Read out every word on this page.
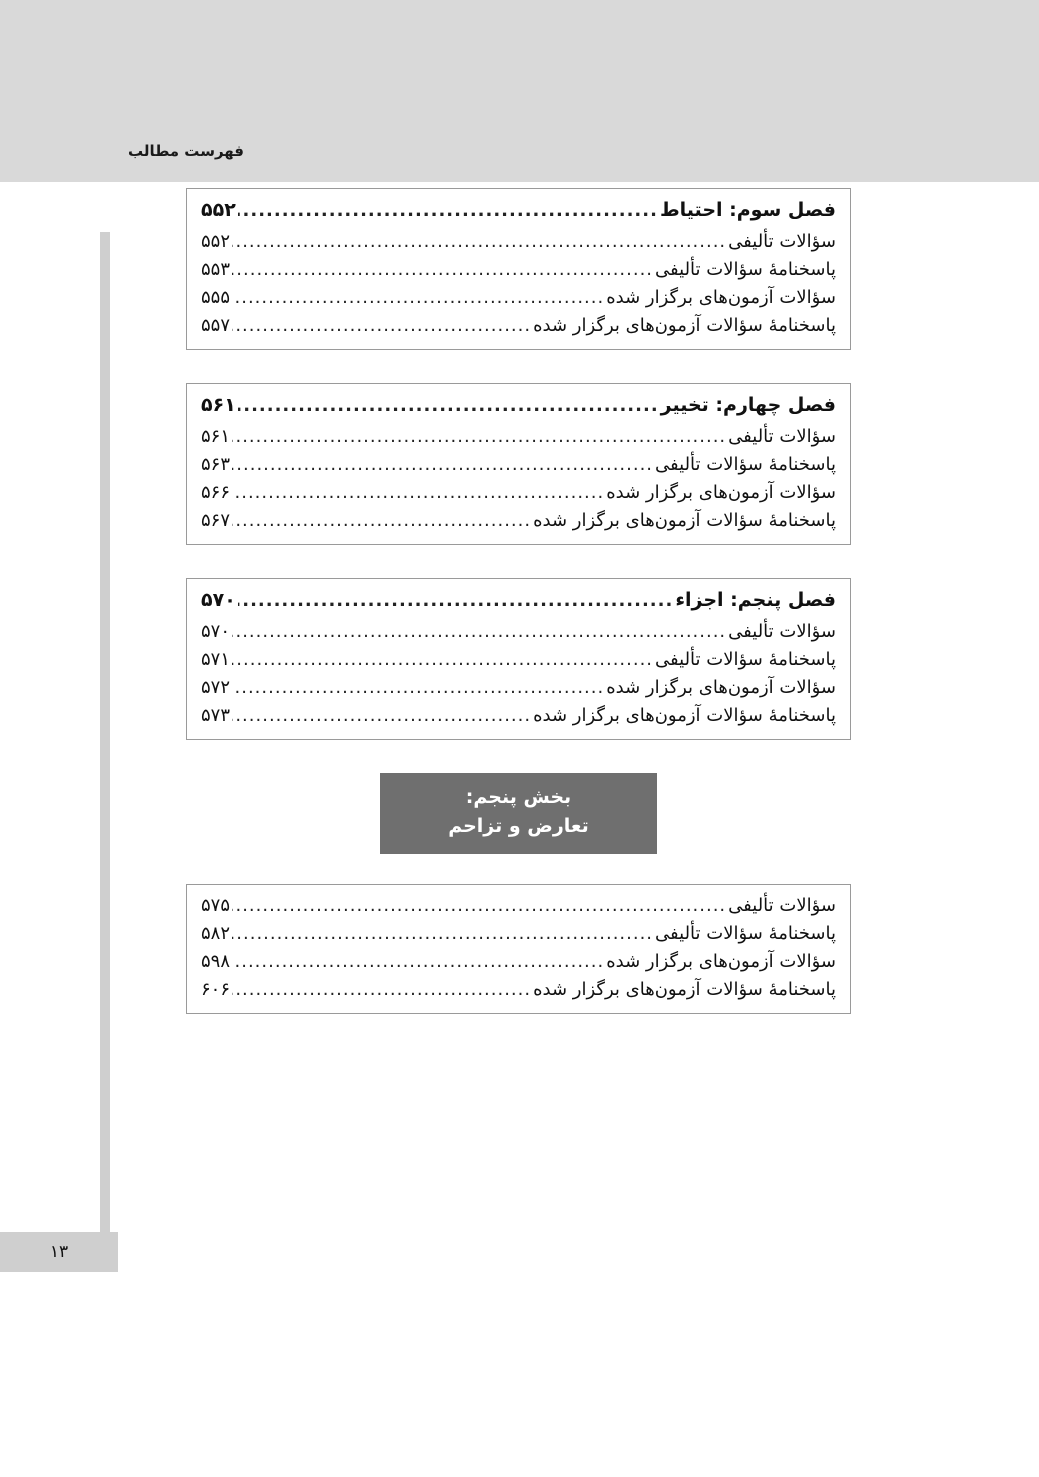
۱۳
فهرست مطالب
فصل سوم: احتیاط
.....
۵۵۲
سؤالات تألیفی
.....
۵۵۲
پاسخنامۀ سؤالات تألیفی
.....
۵۵۳
سؤالات آزمون‌های برگزار شده
.....
۵۵۵
پاسخنامۀ سؤالات آزمون‌های برگزار شده
.....
۵۵۷
فصل چهارم: تخییر
.....
۵۶۱
سؤالات تألیفی
.....
۵۶۱
پاسخنامۀ سؤالات تألیفی
.....
۵۶۳
سؤالات آزمون‌های برگزار شده
.....
۵۶۶
پاسخنامۀ سؤالات آزمون‌های برگزار شده
.....
۵۶۷
فصل پنجم: اجزاء
.....
۵۷۰
سؤالات تألیفی
.....
۵۷۰
پاسخنامۀ سؤالات تألیفی
.....
۵۷۱
سؤالات آزمون‌های برگزار شده
.....
۵۷۲
پاسخنامۀ سؤالات آزمون‌های برگزار شده
.....
۵۷۳
بخش پنجم:
تعارض و تزاحم
سؤالات تألیفی
.....
۵۷۵
پاسخنامۀ سؤالات تألیفی
.....
۵۸۲
سؤالات آزمون‌های برگزار شده
.....
۵۹۸
پاسخنامۀ سؤالات آزمون‌های برگزار شده
.....
۶۰۶
